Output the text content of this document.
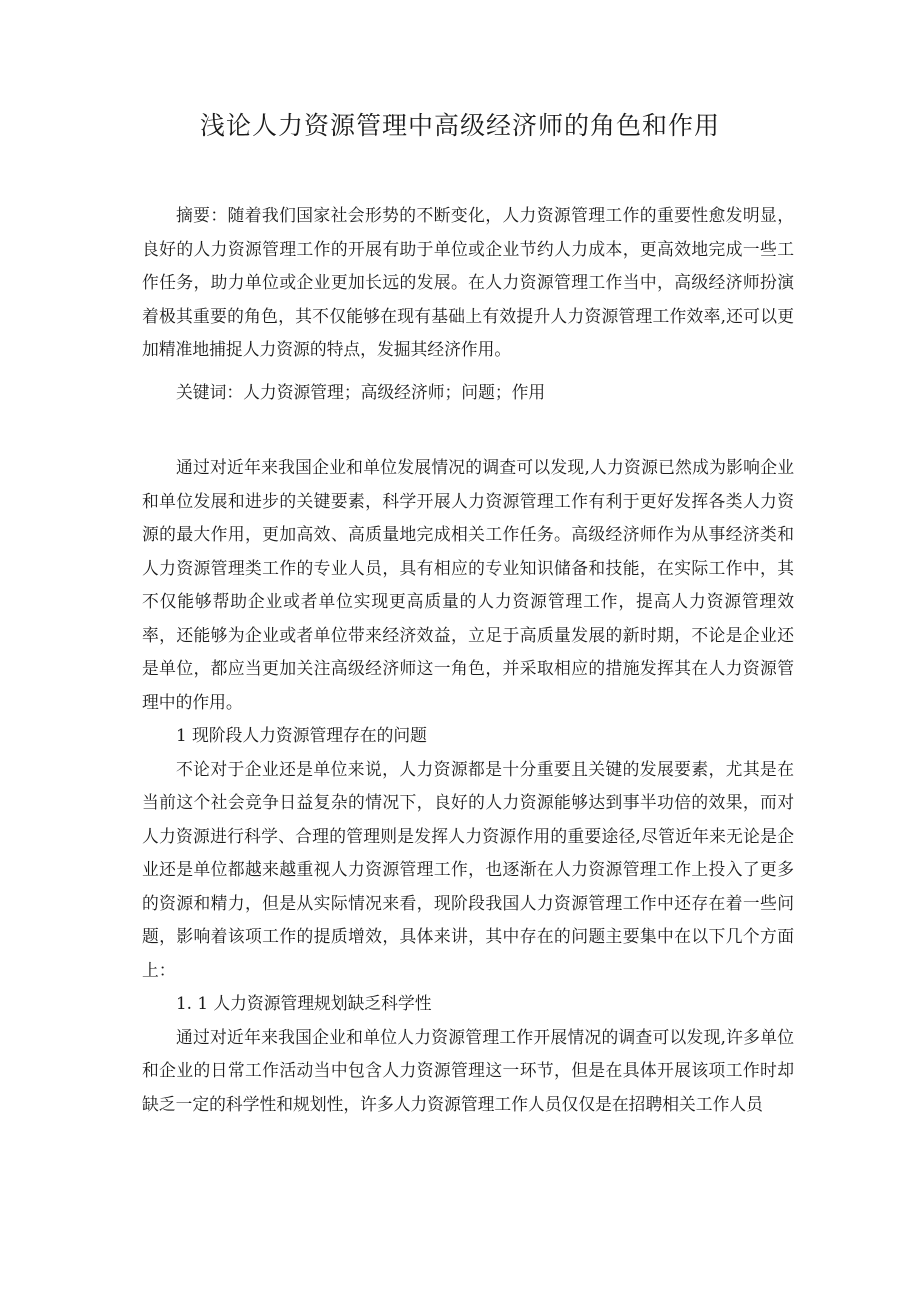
浅论人力资源管理中高级经济师的角色和作用

摘要：随着我们国家社会形势的不断变化，人力资源管理工作的重要性愈发明显，良好的人力资源管理工作的开展有助于单位或企业节约人力成本，更高效地完成一些工作任务，助力单位或企业更加长远的发展。在人力资源管理工作当中，高级经济师扮演着极其重要的角色，其不仅能够在现有基础上有效提升人力资源管理工作效率,还可以更加精准地捕捉人力资源的特点，发掘其经济作用。

关键词：人力资源管理；高级经济师；问题；作用

通过对近年来我国企业和单位发展情况的调查可以发现,人力资源已然成为影响企业和单位发展和进步的关键要素，科学开展人力资源管理工作有利于更好发挥各类人力资源的最大作用，更加高效、高质量地完成相关工作任务。高级经济师作为从事经济类和人力资源管理类工作的专业人员，具有相应的专业知识储备和技能，在实际工作中，其不仅能够帮助企业或者单位实现更高质量的人力资源管理工作，提高人力资源管理效率，还能够为企业或者单位带来经济效益，立足于高质量发展的新时期，不论是企业还是单位，都应当更加关注高级经济师这一角色，并采取相应的措施发挥其在人力资源管理中的作用。

1 现阶段人力资源管理存在的问题

不论对于企业还是单位来说，人力资源都是十分重要且关键的发展要素，尤其是在当前这个社会竞争日益复杂的情况下，良好的人力资源能够达到事半功倍的效果，而对人力资源进行科学、合理的管理则是发挥人力资源作用的重要途径,尽管近年来无论是企业还是单位都越来越重视人力资源管理工作，也逐渐在人力资源管理工作上投入了更多的资源和精力，但是从实际情况来看，现阶段我国人力资源管理工作中还存在着一些问题，影响着该项工作的提质增效，具体来讲，其中存在的问题主要集中在以下几个方面上：

1. 1 人力资源管理规划缺乏科学性

通过对近年来我国企业和单位人力资源管理工作开展情况的调查可以发现,许多单位和企业的日常工作活动当中包含人力资源管理这一环节，但是在具体开展该项工作时却缺乏一定的科学性和规划性，许多人力资源管理工作人员仅仅是在招聘相关工作人员
